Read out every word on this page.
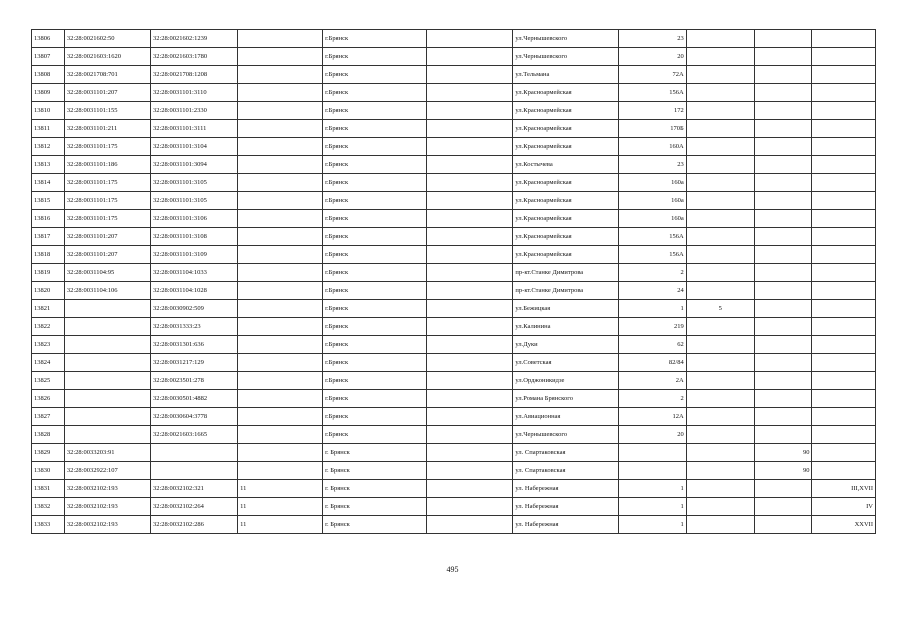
13806	32:28:0021602:50	32:28:0021602:1239		г.Брянск		ул.Чернышевского	23			
13807	32:28:0021603:1620	32:28:0021603:1780		г.Брянск		ул.Чернышевского	20			
13808	32:28:0021708:701	32:28:0021708:1208		г.Брянск		ул.Тельмана	72А			
13809	32:28:0031101:207	32:28:0031101:3110		г.Брянск		ул.Красноармейская	156А			
13810	32:28:0031101:155	32:28:0031101:2330		г.Брянск		ул.Красноармейская	172			
13811	32:28:0031101:211	32:28:0031101:3111		г.Брянск		ул.Красноармейская	170Б			
13812	32:28:0031101:175	32:28:0031101:3104		г.Брянск		ул.Красноармейская	160А			
13813	32:28:0031101:186	32:28:0031101:3094		г.Брянск		ул.Костычева	23			
13814	32:28:0031101:175	32:28:0031101:3105		г.Брянск		ул.Красноармейская	160а			
13815	32:28:0031101:175	32:28:0031101:3105		г.Брянск		ул.Красноармейская	160а			
13816	32:28:0031101:175	32:28:0031101:3106		г.Брянск		ул.Красноармейская	160а			
13817	32:28:0031101:207	32:28:0031101:3108		г.Брянск		ул.Красноармейская	156А			
13818	32:28:0031101:207	32:28:0031101:3109		г.Брянск		ул.Красноармейская	156А			
13819	32:28:0031104:95	32:28:0031104:1033		г.Брянск		пр-кт.Станке Димитрова	2			
13820	32:28:0031104:106	32:28:0031104:1028		г.Брянск		пр-кт.Станке Димитрова	24			
13821		32:28:0030902:509		г.Брянск		ул.Бежицкая	1	5		
13822		32:28:0031333:23		г.Брянск		ул.Калинина	219			
13823		32:28:0031301:636		г.Брянск		ул.Дуки	62			
13824		32:28:0031217:129		г.Брянск		ул.Советская	82/84			
13825		32:28:0023501:278		г.Брянск		ул.Орджоникидзе	2А			
13826		32:28:0030501:4882		г.Брянск		ул.Романа Брянского	2			
13827		32:28:0030604:3778		г.Брянск		ул.Авиационная	12А			
13828		32:28:0021603:1665		г.Брянск		ул.Чернышевского	20			
13829	32:28:0033203:91			г. Брянск		ул. Спартаковская			90	
13830	32:28:0032922:107			г. Брянск		ул. Спартаковская			90	
13831	32:28:0032102:193	32:28:0032102:321	11	г. Брянск		ул. Набережная	1			III,XVII
13832	32:28:0032102:193	32:28:0032102:264	11	г. Брянск		ул. Набережная	1			IV
13833	32:28:0032102:193	32:28:0032102:286	11	г. Брянск		ул. Набережная	1			XXVII
495
